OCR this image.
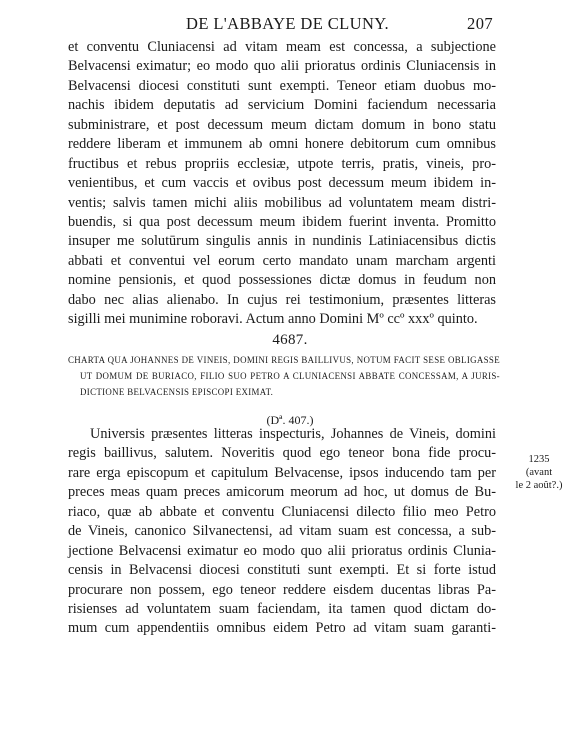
DE L'ABBAYE DE CLUNY.	207
et conventu Cluniacensi ad vitam meam est concessa, a subjectione
Belvacensi eximatur; eo modo quo alii prioratus ordinis Cluniacensis in
Belvacensi diocesi constituti sunt exempti. Teneor etiam duobus mo-
nachis ibidem deputatis ad servicium Domini faciendum necessaria
subministrare, et post decessum meum dictam domum in bono statu
reddere liberam et immunem ab omni honere debitorum cum omnibus
fructibus et rebus propriis ecclesiæ, utpote terris, pratis, vineis, pro-
venientibus, et cum vaccis et ovibus post decessum meum ibidem in-
ventis; salvis tamen michi aliis mobilibus ad voluntatem meam distri-
buendis, si qua post decessum meum ibidem fuerint inventa. Promitto
insuper me solutūrum singulis annis in nundinis Latiniacensibus dictis
abbati et conventui vel eorum certo mandato unam marcham argenti
nomine pensionis, et quod possessiones dictæ domus in feudum non
dabo nec alias alienabo. In cujus rei testimonium, præsentes litteras
sigilli mei munimine roboravi. Actum anno Domini Mº ccº xxxº quinto.
4687.
CHARTA QUA JOHANNES DE VINEIS, DOMINI REGIS BAILLIVUS, NOTUM FACIT SESE OBLIGASSE
UT DOMUM DE BURIACO, FILIO SUO PETRO A CLUNIACENSI ABBATE CONCESSAM, A JURIS-
DICTIONE BELVACENSIS EPISCOPI EXIMAT.
(Dª. 407.)
Universis præsentes litteras inspecturis, Johannes de Vineis, domini
regis baillivus, salutem. Noveritis quod ego teneor bona fide procu-
rare erga episcopum et capitulum Belvacense, ipsos inducendo tam per
preces meas quam preces amicorum meorum ad hoc, ut domus de Bu-
riaco, quæ ab abbate et conventu Cluniacensi dilecto filio meo Petro
de Vineis, canonico Silvanectensi, ad vitam suam est concessa, a sub-
jectione Belvacensi eximatur eo modo quo alii prioratus ordinis Clunia-
censis in Belvacensi diocesi constituti sunt exempti. Et si forte istud
procurare non possem, ego teneor reddere eisdem ducentas libras Pa-
risienses ad voluntatem suam faciendam, ita tamen quod dictam do-
mum cum appendentiis omnibus eidem Petro ad vitam suam garanti-
1235
(avant
le 2 août?.)
